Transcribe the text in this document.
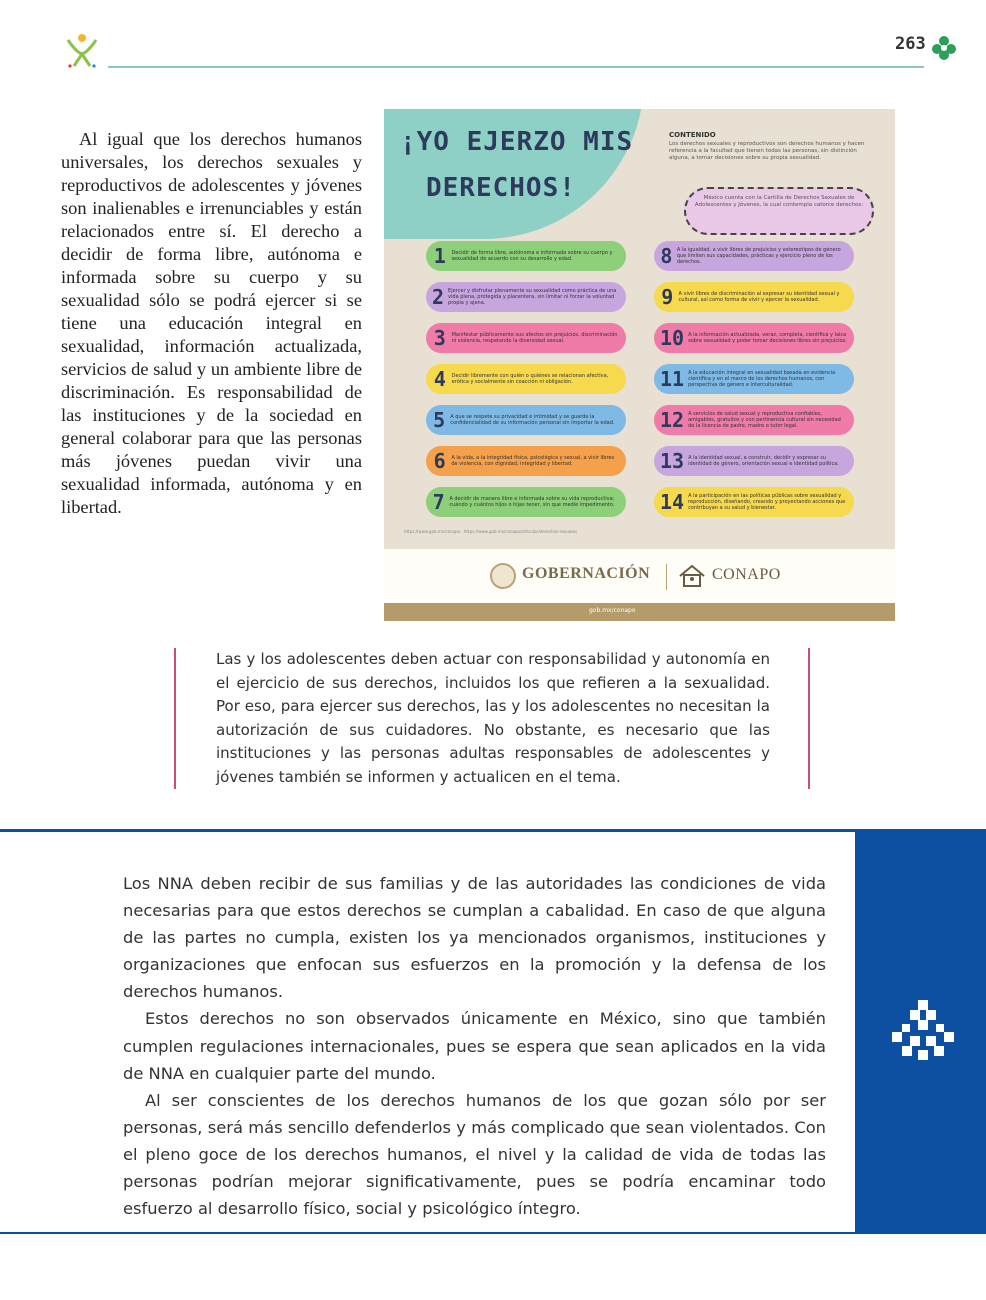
263

Al igual que los derechos humanos universales, los derechos sexuales y reproductivos de adolescentes y jóvenes son inalienables e irrenunciables y están relacionados entre sí. El derecho a decidir de forma libre, autónoma e informada sobre su cuerpo y su sexualidad sólo se podrá ejercer si se tiene una educación integral en sexualidad, información actualizada, servicios de salud y un ambiente libre de discriminación. Es responsabilidad de las instituciones y de la sociedad en general colaborar para que las personas más jóvenes puedan vivir una sexualidad informada, autónoma y en libertad.

¡YO EJERZO MIS
DERECHOS!
CONTENIDO
Los derechos sexuales y reproductivos son derechos humanos y hacen referencia a la facultad que tienen todas las personas, sin distinción alguna, a tomar decisiones sobre su propia sexualidad.
México cuenta con la Cartilla de Derechos Sexuales de Adolescentes y Jóvenes, la cual contempla catorce derechos:
1	Decidir de forma libre, autónoma e informada sobre su cuerpo y sexualidad de acuerdo con su desarrollo y edad.
2 Ejercer y disfrutar plenamente su sexualidad como práctica de una vida plena, protegida y placentera, sin limitar ni forzar la voluntad propia y ajena.
3	Manifestar públicamente sus afectos sin prejuicios, discriminación ni violencia, respetando la diversidad sexual.
4	Decidir libremente con quién o quiénes se relacionan afectiva, erótica y socialmente sin coacción ni obligación.
5	A que se respete su privacidad e intimidad y se guarde la confidencialidad de su información personal sin importar la edad.
6	A la vida, a la integridad física, psicológica y sexual, a vivir libres de violencia, con dignidad, integridad y libertad.
7 A decidir de manera libre e informada sobre su vida reproductiva: cuándo y cuántos hijos o hijas tener, sin que medie impedimento.
8 A la igualdad, a vivir libres de prejuicios y estereotipos de género que limiten sus capacidades, prácticas y ejercicio pleno de los derechos.
9	A vivir libres de discriminación al expresar su identidad sexual y cultural, así como forma de vivir y ejercer la sexualidad.
10 A la información actualizada, veraz, completa, científica y laica sobre sexualidad y poder tomar decisiones libres sin prejuicios.
11 A la educación integral en sexualidad basada en evidencia científica y en el marco de los derechos humanos, con perspectiva de género e interculturalidad.
12 A servicios de salud sexual y reproductiva confiables, amigables, gratuitos y con pertinencia cultural sin necesidad de la licencia de padre, madre o tutor legal.
13 A la identidad sexual, a construir, decidir y expresar su identidad de género, orientación sexual e identidad política.
14 A la participación en las políticas públicas sobre sexualidad y reproducción, diseñando, creando y proyectando acciones que contribuyan a su salud y bienestar.
https://www.gob.mx/conapo · https://www.gob.mx/conapo/articulos/derechos-sexuales
GOBERNACIÓN	CONAPO
gob.mx/conapo

Las y los adolescentes deben actuar con responsabilidad y autonomía en el ejercicio de sus derechos, incluidos los que refieren a la sexualidad. Por eso, para ejercer sus derechos, las y los adolescentes no necesitan la autorización de sus cuidadores. No obstante, es necesario que las instituciones y las personas adultas responsables de adolescentes y jóvenes también se informen y actualicen en el tema.

Los NNA deben recibir de sus familias y de las autoridades las condiciones de vida necesarias para que estos derechos se cumplan a cabalidad. En caso de que alguna de las partes no cumpla, existen los ya mencionados organismos, instituciones y organizaciones que enfocan sus esfuerzos en la promoción y la defensa de los derechos humanos.

Estos derechos no son observados únicamente en México, sino que también cumplen regulaciones internacionales, pues se espera que sean aplicados en la vida de NNA en cualquier parte del mundo.

Al ser conscientes de los derechos humanos de los que gozan sólo por ser personas, será más sencillo defenderlos y más complicado que sean violentados. Con el pleno goce de los derechos humanos, el nivel y la calidad de vida de todas las personas podrían mejorar significativamente, pues se podría encaminar todo esfuerzo al desarrollo físico, social y psicológico íntegro.
